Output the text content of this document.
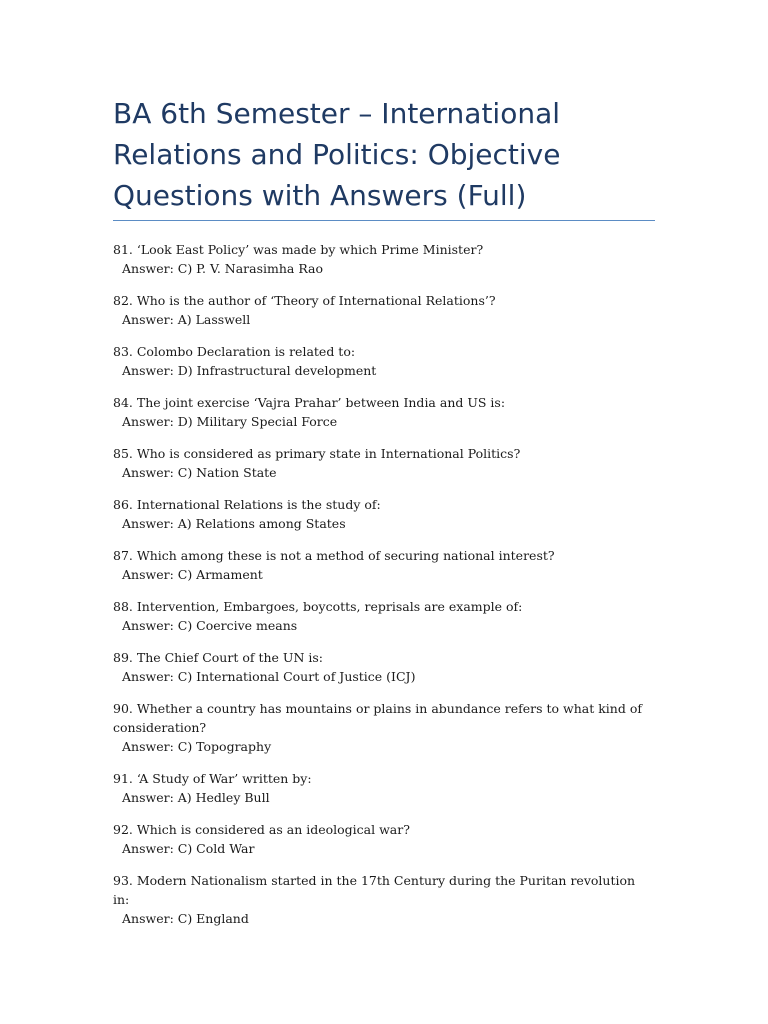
BA 6th Semester – International Relations and Politics: Objective Questions with Answers (Full)
81. ‘Look East Policy’ was made by which Prime Minister?
Answer: C) P. V. Narasimha Rao
82. Who is the author of ‘Theory of International Relations’?
Answer: A) Lasswell
83. Colombo Declaration is related to:
Answer: D) Infrastructural development
84. The joint exercise ‘Vajra Prahar’ between India and US is:
Answer: D) Military Special Force
85. Who is considered as primary state in International Politics?
Answer: C) Nation State
86. International Relations is the study of:
Answer: A) Relations among States
87. Which among these is not a method of securing national interest?
Answer: C) Armament
88. Intervention, Embargoes, boycotts, reprisals are example of:
Answer: C) Coercive means
89. The Chief Court of the UN is:
Answer: C) International Court of Justice (ICJ)
90. Whether a country has mountains or plains in abundance refers to what kind of consideration?
Answer: C) Topography
91. ‘A Study of War’ written by:
Answer: A) Hedley Bull
92. Which is considered as an ideological war?
Answer: C) Cold War
93. Modern Nationalism started in the 17th Century during the Puritan revolution in:
Answer: C) England
